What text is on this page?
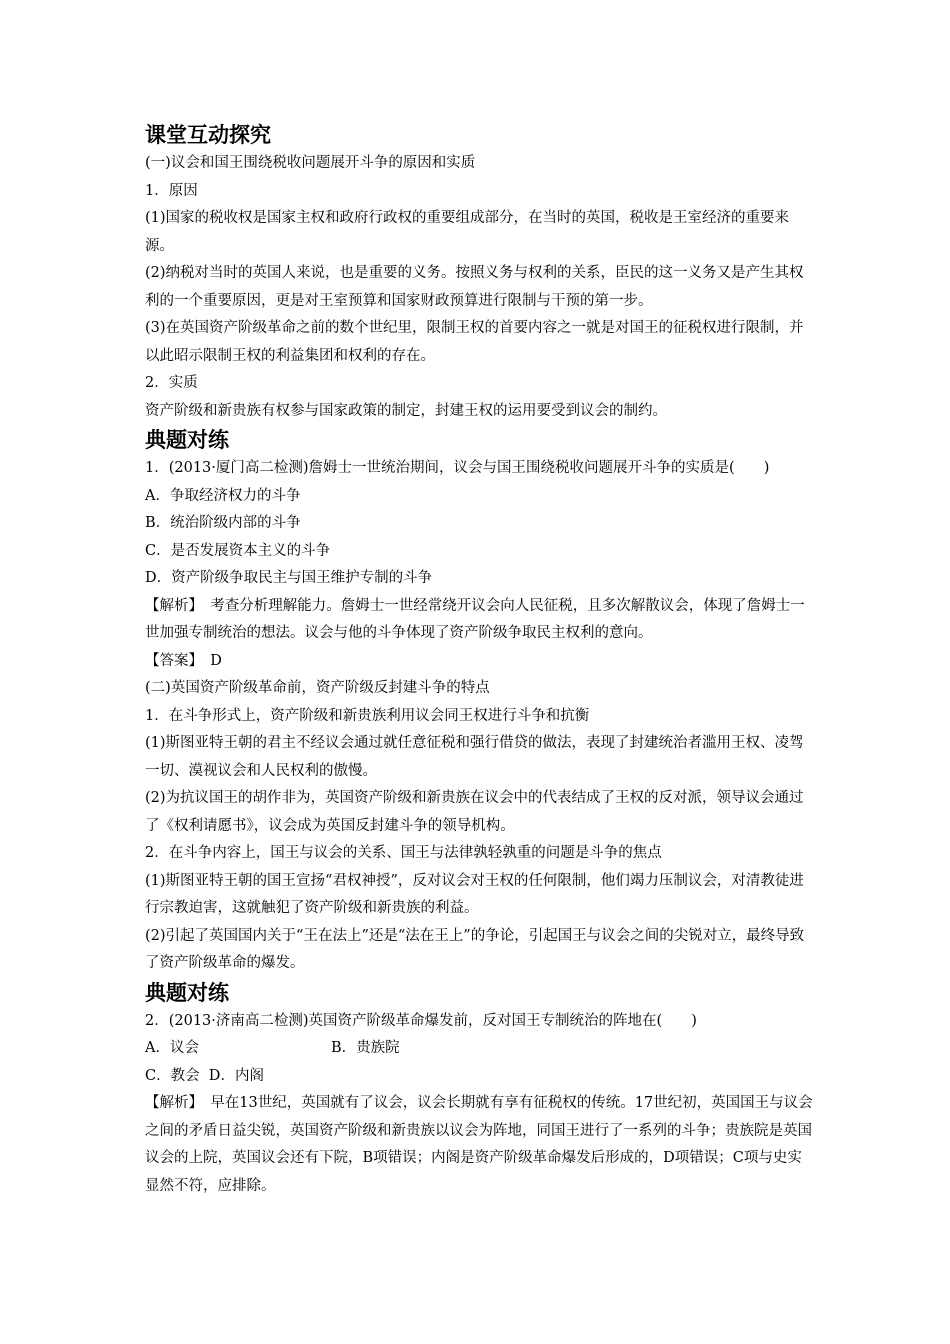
课堂互动探究

(一)议会和国王围绕税收问题展开斗争的原因和实质

1．原因

(1)国家的税收权是国家主权和政府行政权的重要组成部分，在当时的英国，税收是王室经济的重要来源。

(2)纳税对当时的英国人来说，也是重要的义务。按照义务与权利的关系，臣民的这一义务又是产生其权利的一个重要原因，更是对王室预算和国家财政预算进行限制与干预的第一步。

(3)在英国资产阶级革命之前的数个世纪里，限制王权的首要内容之一就是对国王的征税权进行限制，并以此昭示限制王权的利益集团和权利的存在。

2．实质

资产阶级和新贵族有权参与国家政策的制定，封建王权的运用要受到议会的制约。

典题对练

1．(2013·厦门高二检测)詹姆士一世统治期间，议会与国王围绕税收问题展开斗争的实质是(　　)

A．争取经济权力的斗争

B．统治阶级内部的斗争

C．是否发展资本主义的斗争

D．资产阶级争取民主与国王维护专制的斗争

【解析】　考查分析理解能力。詹姆士一世经常绕开议会向人民征税，且多次解散议会，体现了詹姆士一世加强专制统治的想法。议会与他的斗争体现了资产阶级争取民主权利的意向。

【答案】　D

(二)英国资产阶级革命前，资产阶级反封建斗争的特点

1．在斗争形式上，资产阶级和新贵族利用议会同王权进行斗争和抗衡

(1)斯图亚特王朝的君主不经议会通过就任意征税和强行借贷的做法，表现了封建统治者滥用王权、凌驾一切、漠视议会和人民权利的傲慢。

(2)为抗议国王的胡作非为，英国资产阶级和新贵族在议会中的代表结成了王权的反对派，领导议会通过了《权利请愿书》，议会成为英国反封建斗争的领导机构。

2．在斗争内容上，国王与议会的关系、国王与法律孰轻孰重的问题是斗争的焦点

(1)斯图亚特王朝的国王宣扬“君权神授”，反对议会对王权的任何限制，他们竭力压制议会，对清教徒进行宗教迫害，这就触犯了资产阶级和新贵族的利益。

(2)引起了英国国内关于“王在法上”还是“法在王上”的争论，引起国王与议会之间的尖锐对立，最终导致了资产阶级革命的爆发。

典题对练

2．(2013·济南高二检测)英国资产阶级革命爆发前，反对国王专制统治的阵地在(　　)

A．议会	B．贵族院

C．教会  D．内阁

【解析】　早在13世纪，英国就有了议会，议会长期就有享有征税权的传统。17世纪初，英国国王与议会之间的矛盾日益尖锐，英国资产阶级和新贵族以议会为阵地，同国王进行了一系列的斗争；贵族院是英国议会的上院，英国议会还有下院，B项错误；内阁是资产阶级革命爆发后形成的，D项错误；C项与史实显然不符，应排除。
